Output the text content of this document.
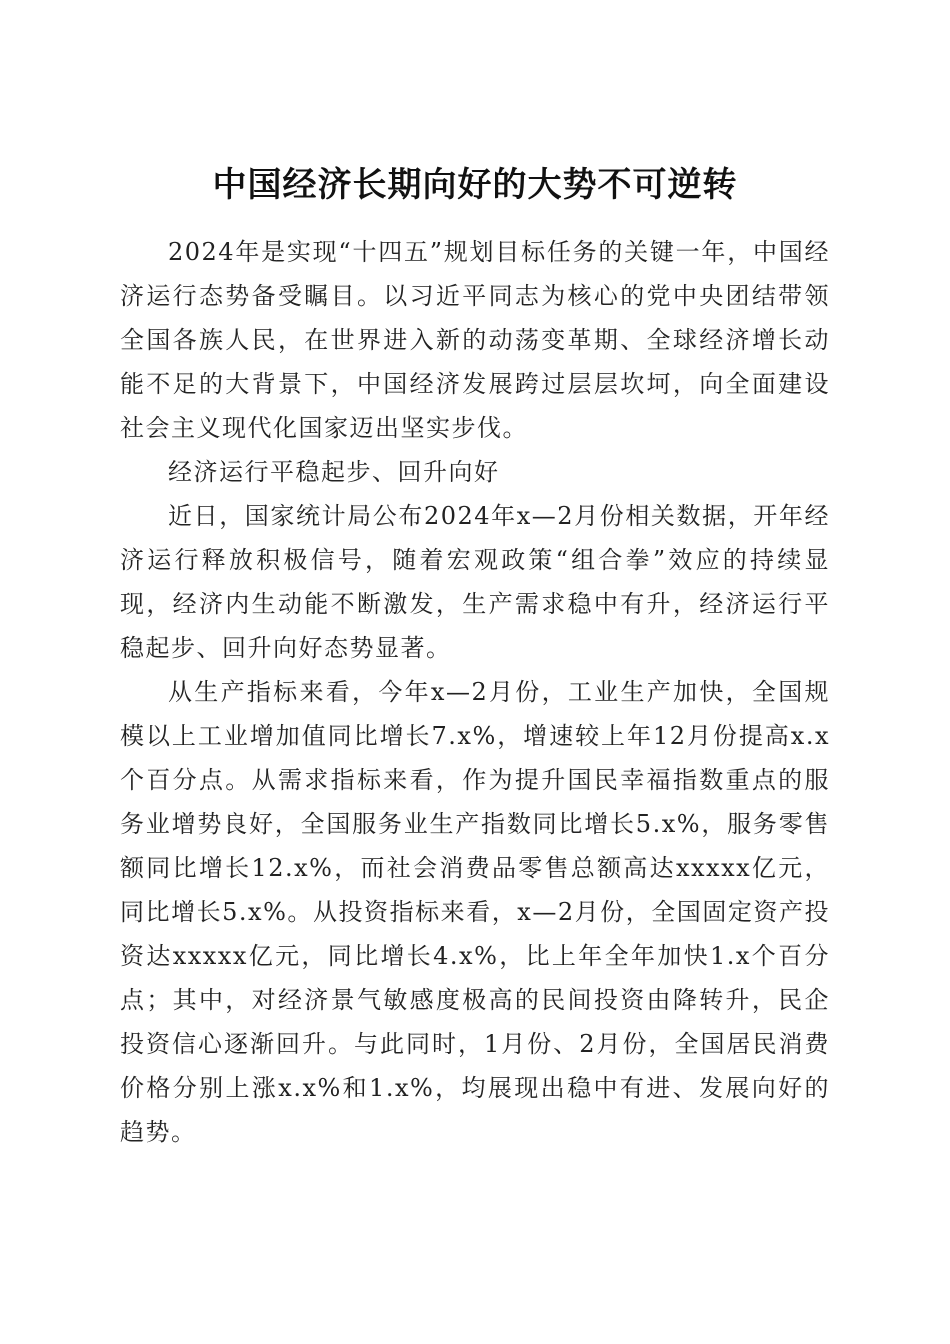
中国经济长期向好的大势不可逆转

2024年是实现“十四五”规划目标任务的关键一年，中国经济运行态势备受瞩目。以习近平同志为核心的党中央团结带领全国各族人民，在世界进入新的动荡变革期、全球经济增长动能不足的大背景下，中国经济发展跨过层层坎坷，向全面建设社会主义现代化国家迈出坚实步伐。

经济运行平稳起步、回升向好

近日，国家统计局公布2024年x—2月份相关数据，开年经济运行释放积极信号，随着宏观政策“组合拳”效应的持续显现，经济内生动能不断激发，生产需求稳中有升，经济运行平稳起步、回升向好态势显著。

从生产指标来看，今年x—2月份，工业生产加快，全国规模以上工业增加值同比增长7.x%，增速较上年12月份提高x.x个百分点。从需求指标来看，作为提升国民幸福指数重点的服务业增势良好，全国服务业生产指数同比增长5.x%，服务零售额同比增长12.x%，而社会消费品零售总额高达xxxxx亿元，同比增长5.x%。从投资指标来看，x—2月份，全国固定资产投资达xxxxx亿元，同比增长4.x%，比上年全年加快1.x个百分点；其中，对经济景气敏感度极高的民间投资由降转升，民企投资信心逐渐回升。与此同时，1月份、2月份，全国居民消费价格分别上涨x.x%和1.x%，均展现出稳中有进、发展向好的趋势。
